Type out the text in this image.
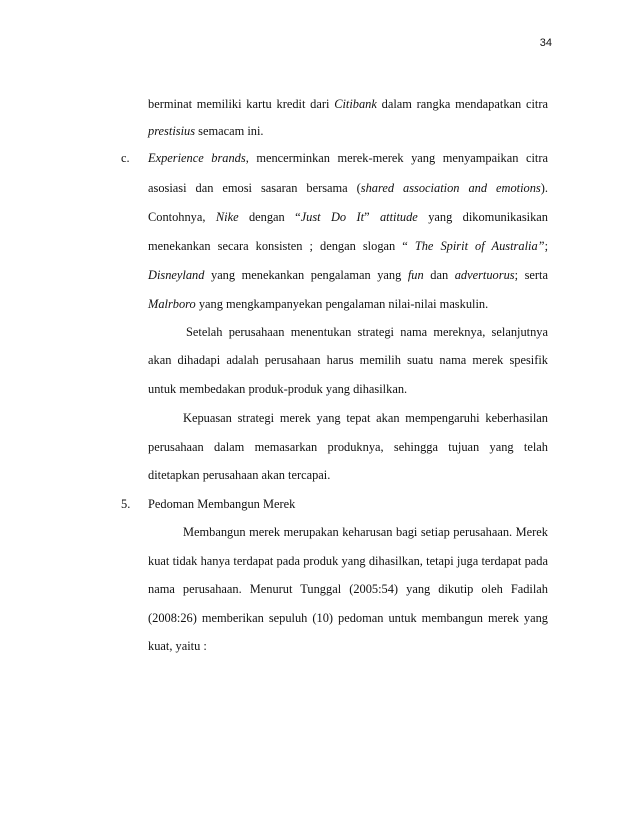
34
berminat memiliki kartu kredit dari Citibank dalam rangka mendapatkan citra
prestisius semacam ini.
c.	Experience brands, mencerminkan merek-merek yang menyampaikan citra
asosiasi dan emosi sasaran bersama (shared association and emotions).
Contohnya, Nike dengan “Just Do It” attitude yang dikomunikasikan
menekankan secara konsisten ; dengan slogan “ The Spirit of Australia”;
Disneyland yang menekankan pengalaman yang fun dan advertuorus; serta
Malrboro yang mengkampanyekan pengalaman nilai-nilai maskulin.
Setelah perusahaan menentukan strategi nama mereknya, selanjutnya
akan dihadapi adalah perusahaan harus memilih suatu nama merek spesifik
untuk membedakan produk-produk yang dihasilkan.
Kepuasan strategi merek yang tepat akan mempengaruhi keberhasilan
perusahaan dalam memasarkan produknya, sehingga tujuan yang telah
ditetapkan perusahaan akan tercapai.
5.	Pedoman Membangun Merek
Membangun merek merupakan keharusan bagi setiap perusahaan. Merek
kuat tidak hanya terdapat pada produk yang dihasilkan, tetapi juga terdapat pada
nama perusahaan. Menurut Tunggal (2005:54) yang dikutip oleh Fadilah
(2008:26) memberikan sepuluh (10) pedoman untuk membangun merek yang
kuat, yaitu :
